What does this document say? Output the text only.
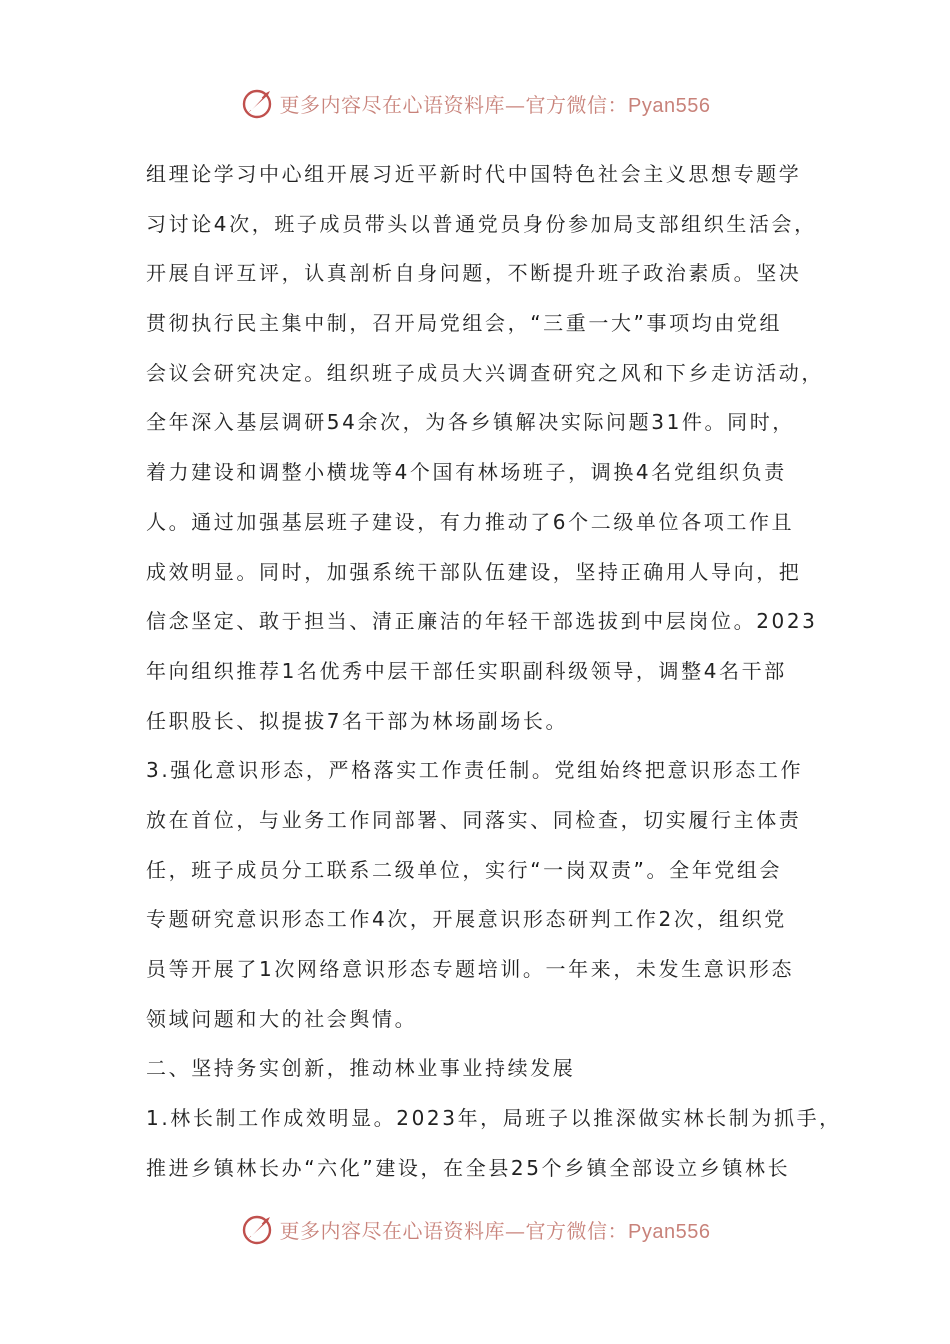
更多内容尽在心语资料库—官方微信：Pyan556
组理论学习中心组开展习近平新时代中国特色社会主义思想专题学
习讨论4次，班子成员带头以普通党员身份参加局支部组织生活会，
开展自评互评，认真剖析自身问题，不断提升班子政治素质。坚决
贯彻执行民主集中制，召开局党组会，“三重一大”事项均由党组
会议会研究决定。组织班子成员大兴调查研究之风和下乡走访活动，
全年深入基层调研54余次，为各乡镇解决实际问题31件。同时，
着力建设和调整小横垅等4个国有林场班子，调换4名党组织负责
人。通过加强基层班子建设，有力推动了6个二级单位各项工作且
成效明显。同时，加强系统干部队伍建设，坚持正确用人导向，把
信念坚定、敢于担当、清正廉洁的年轻干部选拔到中层岗位。2023
年向组织推荐1名优秀中层干部任实职副科级领导，调整4名干部
任职股长、拟提拔7名干部为林场副场长。
3.强化意识形态，严格落实工作责任制。党组始终把意识形态工作
放在首位，与业务工作同部署、同落实、同检查，切实履行主体责
任，班子成员分工联系二级单位，实行“一岗双责”。全年党组会
专题研究意识形态工作4次，开展意识形态研判工作2次，组织党
员等开展了1次网络意识形态专题培训。一年来，未发生意识形态
领域问题和大的社会舆情。
二、坚持务实创新，推动林业事业持续发展
1.林长制工作成效明显。2023年，局班子以推深做实林长制为抓手，
推进乡镇林长办“六化”建设，在全县25个乡镇全部设立乡镇林长
更多内容尽在心语资料库—官方微信：Pyan556
